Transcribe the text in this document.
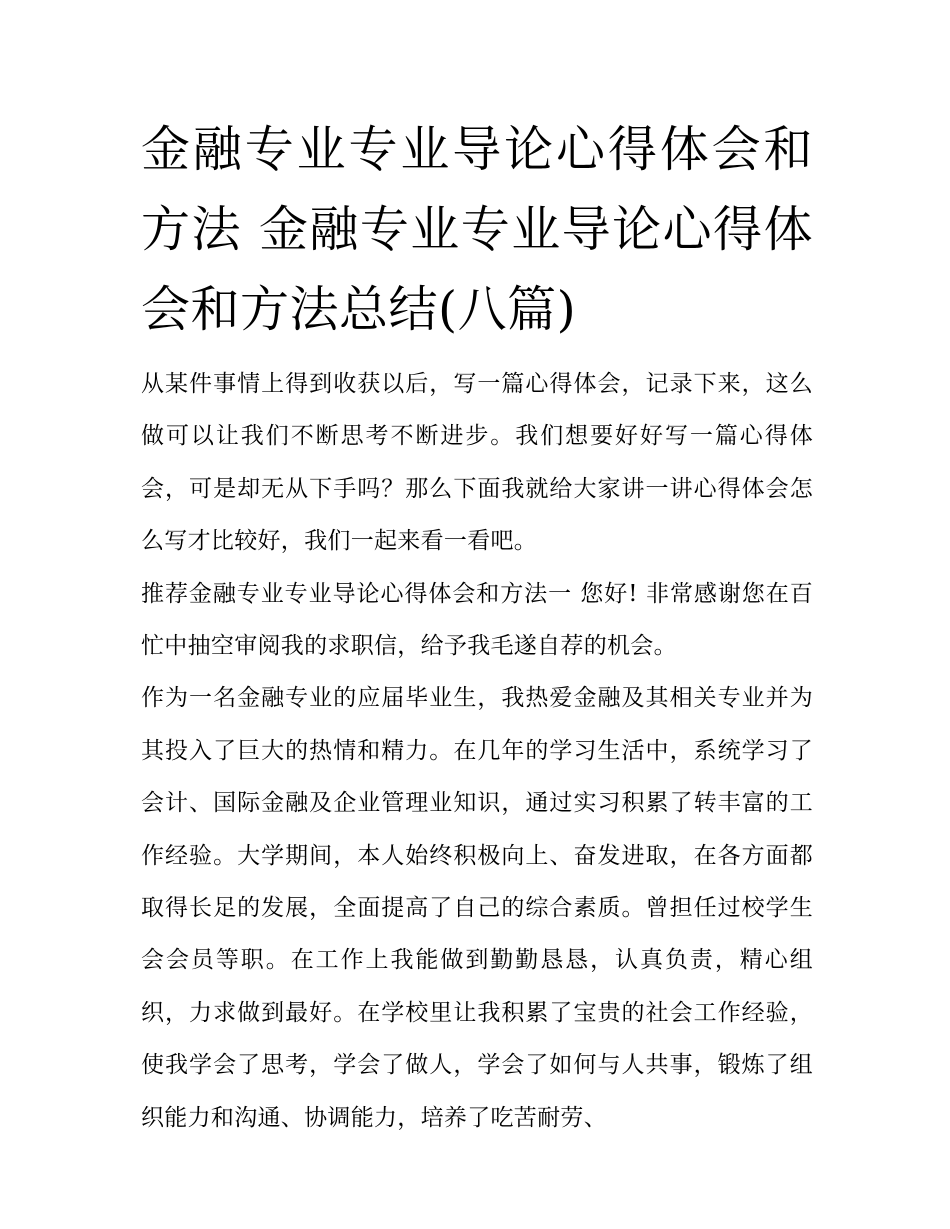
金融专业专业导论心得体会和方法 金融专业专业导论心得体会和方法总结(八篇)

从某件事情上得到收获以后，写一篇心得体会，记录下来，这么做可以让我们不断思考不断进步。我们想要好好写一篇心得体会，可是却无从下手吗？那么下面我就给大家讲一讲心得体会怎么写才比较好，我们一起来看一看吧。

推荐金融专业专业导论心得体会和方法一 您好! 非常感谢您在百忙中抽空审阅我的求职信，给予我毛遂自荐的机会。

作为一名金融专业的应届毕业生，我热爱金融及其相关专业并为其投入了巨大的热情和精力。在几年的学习生活中，系统学习了会计、国际金融及企业管理业知识，通过实习积累了转丰富的工作经验。大学期间，本人始终积极向上、奋发进取，在各方面都取得长足的发展，全面提高了自己的综合素质。曾担任过校学生会会员等职。在工作上我能做到勤勤恳恳，认真负责，精心组织，力求做到最好。在学校里让我积累了宝贵的社会工作经验，使我学会了思考，学会了做人，学会了如何与人共事，锻炼了组织能力和沟通、协调能力，培养了吃苦耐劳、
